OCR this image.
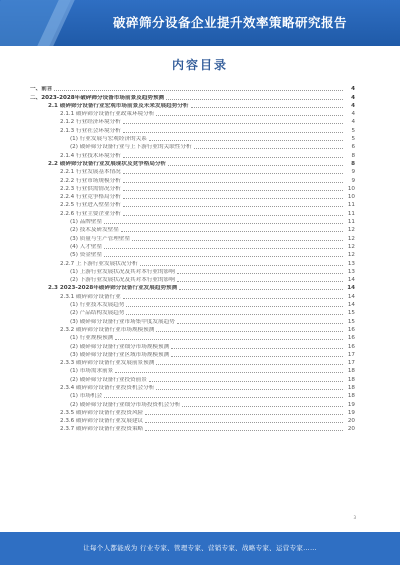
破碎筛分设备企业提升效率策略研究报告
内容目录
一、前言	4
二、2023-2028年破碎筛分设备市场前景及趋势预测	4
2.1 破碎筛分设备行业宏观市场前景及未来发展趋势分析	4
2.1.1 破碎筛分设备行业政策环境分析	4
2.1.2 行业经济环境分析	4
2.1.3 行业社会环境分析	5
(1) 行业发展与宏观经济的关系	5
(2) 破碎筛分设备行业与上下游行业的关联性分析	6
2.1.4 行业技术环境分析	8
2.2 破碎筛分设备行业发展现状及竞争格局分析	8
2.2.1 行业发展基本情况	9
2.2.2 行业市场规模分析	9
2.2.3 行业供需情况分析	10
2.2.4 行业竞争格局分析	10
2.2.5 行业进入壁垒分析	11
2.2.6 行业主要企业分析	11
(1) 品牌壁垒	11
(2) 技术及研发壁垒	12
(3) 质量与生产管理壁垒	12
(4) 人才壁垒	12
(5) 资金壁垒	12
2.2.7 上下游行业发展状况分析	13
(1) 上游行业发展状况及其对本行业的影响	13
(2) 下游行业发展状况及其对本行业的影响	14
2.3 2023-2028年破碎筛分设备行业发展趋势预测	14
2.3.1 破碎筛分设备行业	14
(1) 行业技术发展趋势	14
(2) 产品结构发展趋势	15
(3) 破碎筛分设备行业市场集中度发展趋势	15
2.3.2 破碎筛分设备行业市场规模预测	16
(1) 行业规模预测	16
(2) 破碎筛分设备行业细分市场规模预测	16
(3) 破碎筛分设备行业区域市场规模预测	17
2.3.3 破碎筛分设备行业发展前景预测	17
(1) 市场需求前景	18
(2) 破碎筛分设备行业投资前景	18
2.3.4 破碎筛分设备行业投资机会分析	18
(1) 市场机会	18
(2) 破碎筛分设备行业细分市场投资机会分析	19
2.3.5 破碎筛分设备行业投资风险	19
2.3.6 破碎筛分设备行业发展建议	20
2.3.7 破碎筛分设备行业投资策略	20
3
让每个人都能成为 行业专家、管理专家、营销专家、战略专家、运营专家……
